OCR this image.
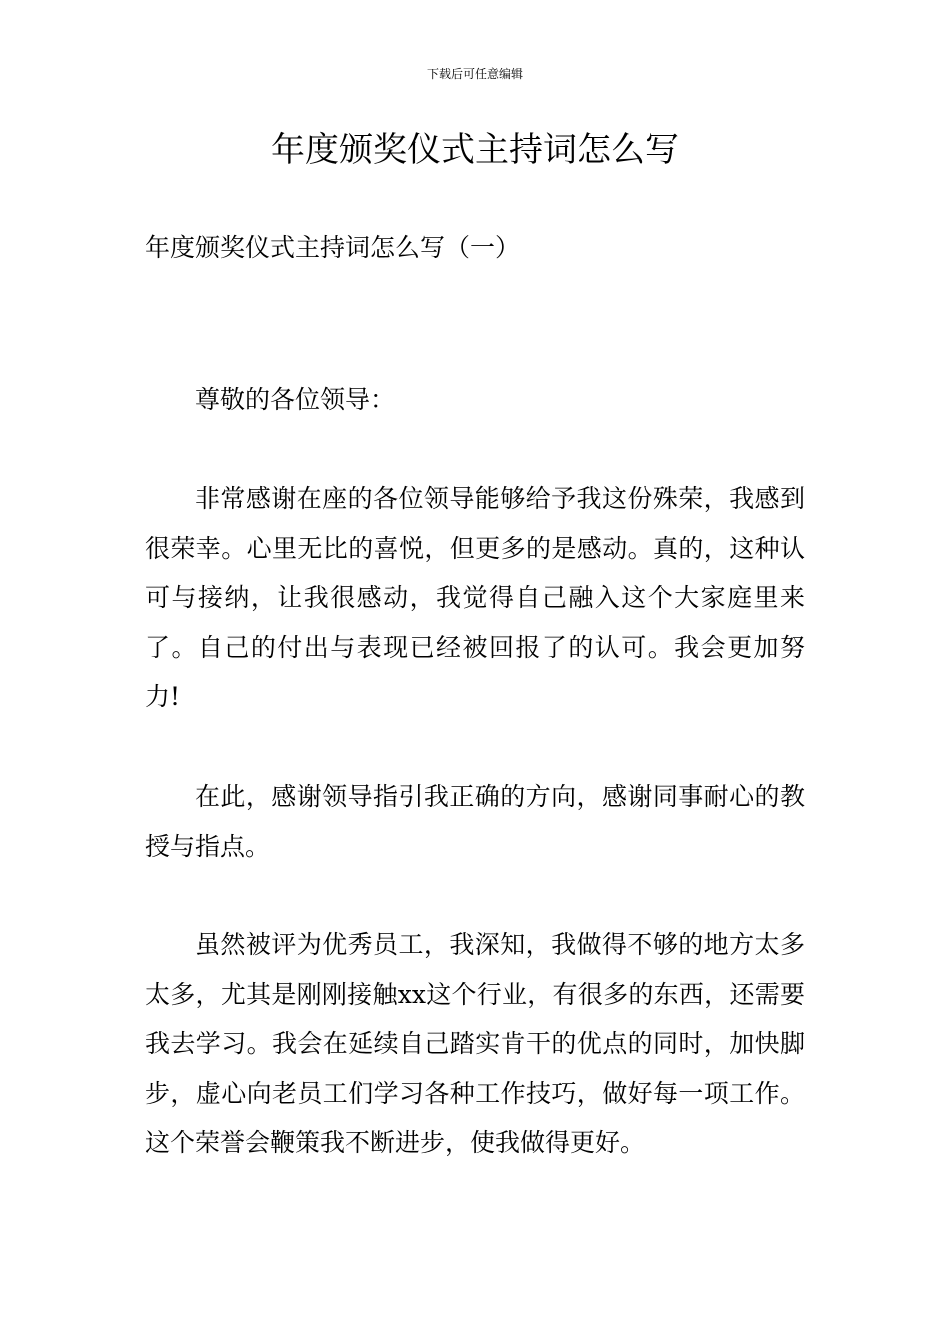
下载后可任意编辑
年度颁奖仪式主持词怎么写
年度颁奖仪式主持词怎么写（一）

尊敬的各位领导：

非常感谢在座的各位领导能够给予我这份殊荣，我感到很荣幸。心里无比的喜悦，但更多的是感动。真的，这种认可与接纳，让我很感动，我觉得自己融入这个大家庭里来了。自己的付出与表现已经被回报了的认可。我会更加努力!

在此，感谢领导指引我正确的方向，感谢同事耐心的教授与指点。

虽然被评为优秀员工，我深知，我做得不够的地方太多太多，尤其是刚刚接触xx这个行业，有很多的东西，还需要我去学习。我会在延续自己踏实肯干的优点的同时，加快脚步，虚心向老员工们学习各种工作技巧，做好每一项工作。这个荣誉会鞭策我不断进步，使我做得更好。
